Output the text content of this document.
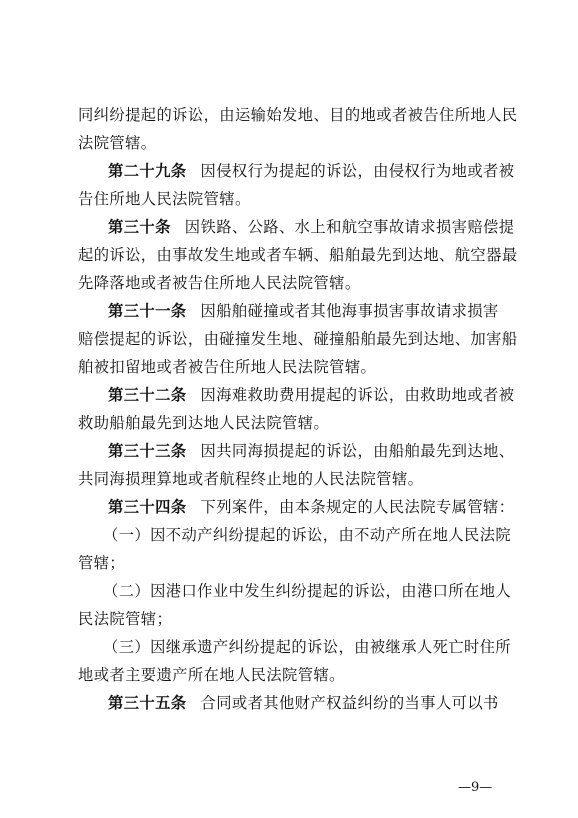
同纠纷提起的诉讼，由运输始发地、目的地或者被告住所地人民
法院管辖。
第二十九条 因侵权行为提起的诉讼，由侵权行为地或者被
告住所地人民法院管辖。
第三十条 因铁路、公路、水上和航空事故请求损害赔偿提
起的诉讼，由事故发生地或者车辆、船舶最先到达地、航空器最
先降落地或者被告住所地人民法院管辖。
第三十一条 因船舶碰撞或者其他海事损害事故请求损害
赔偿提起的诉讼，由碰撞发生地、碰撞船舶最先到达地、加害船
舶被扣留地或者被告住所地人民法院管辖。
第三十二条 因海难救助费用提起的诉讼，由救助地或者被
救助船舶最先到达地人民法院管辖。
第三十三条 因共同海损提起的诉讼，由船舶最先到达地、
共同海损理算地或者航程终止地的人民法院管辖。
第三十四条 下列案件，由本条规定的人民法院专属管辖：
（一）因不动产纠纷提起的诉讼，由不动产所在地人民法院
管辖；
（二）因港口作业中发生纠纷提起的诉讼，由港口所在地人
民法院管辖；
（三）因继承遗产纠纷提起的诉讼，由被继承人死亡时住所
地或者主要遗产所在地人民法院管辖。
第三十五条 合同或者其他财产权益纠纷的当事人可以书
—9—
